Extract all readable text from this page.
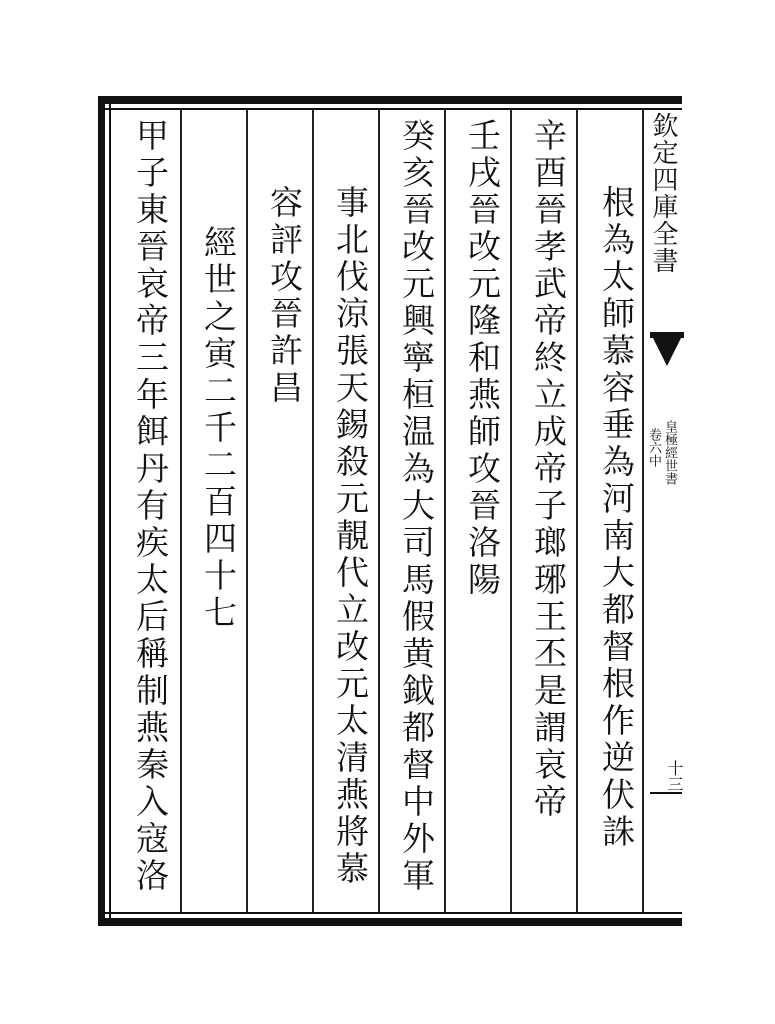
欽定四庫全書
皇極經世書
卷六中
十三
根為太師慕容垂為河南大都督根作逆伏誅
辛酉晉孝武帝終立成帝子瑯琊王丕是謂哀帝
壬戌晉改元隆和燕師攻晉洛陽
癸亥晉改元興寧桓温為大司馬假黄鉞都督中外軍
事北伐涼張天錫殺元靚代立改元太清燕將慕
容評攻晉許昌
經世之寅二千二百四十七
甲子東晉哀帝三年餌丹有疾太后稱制燕秦入寇洛
